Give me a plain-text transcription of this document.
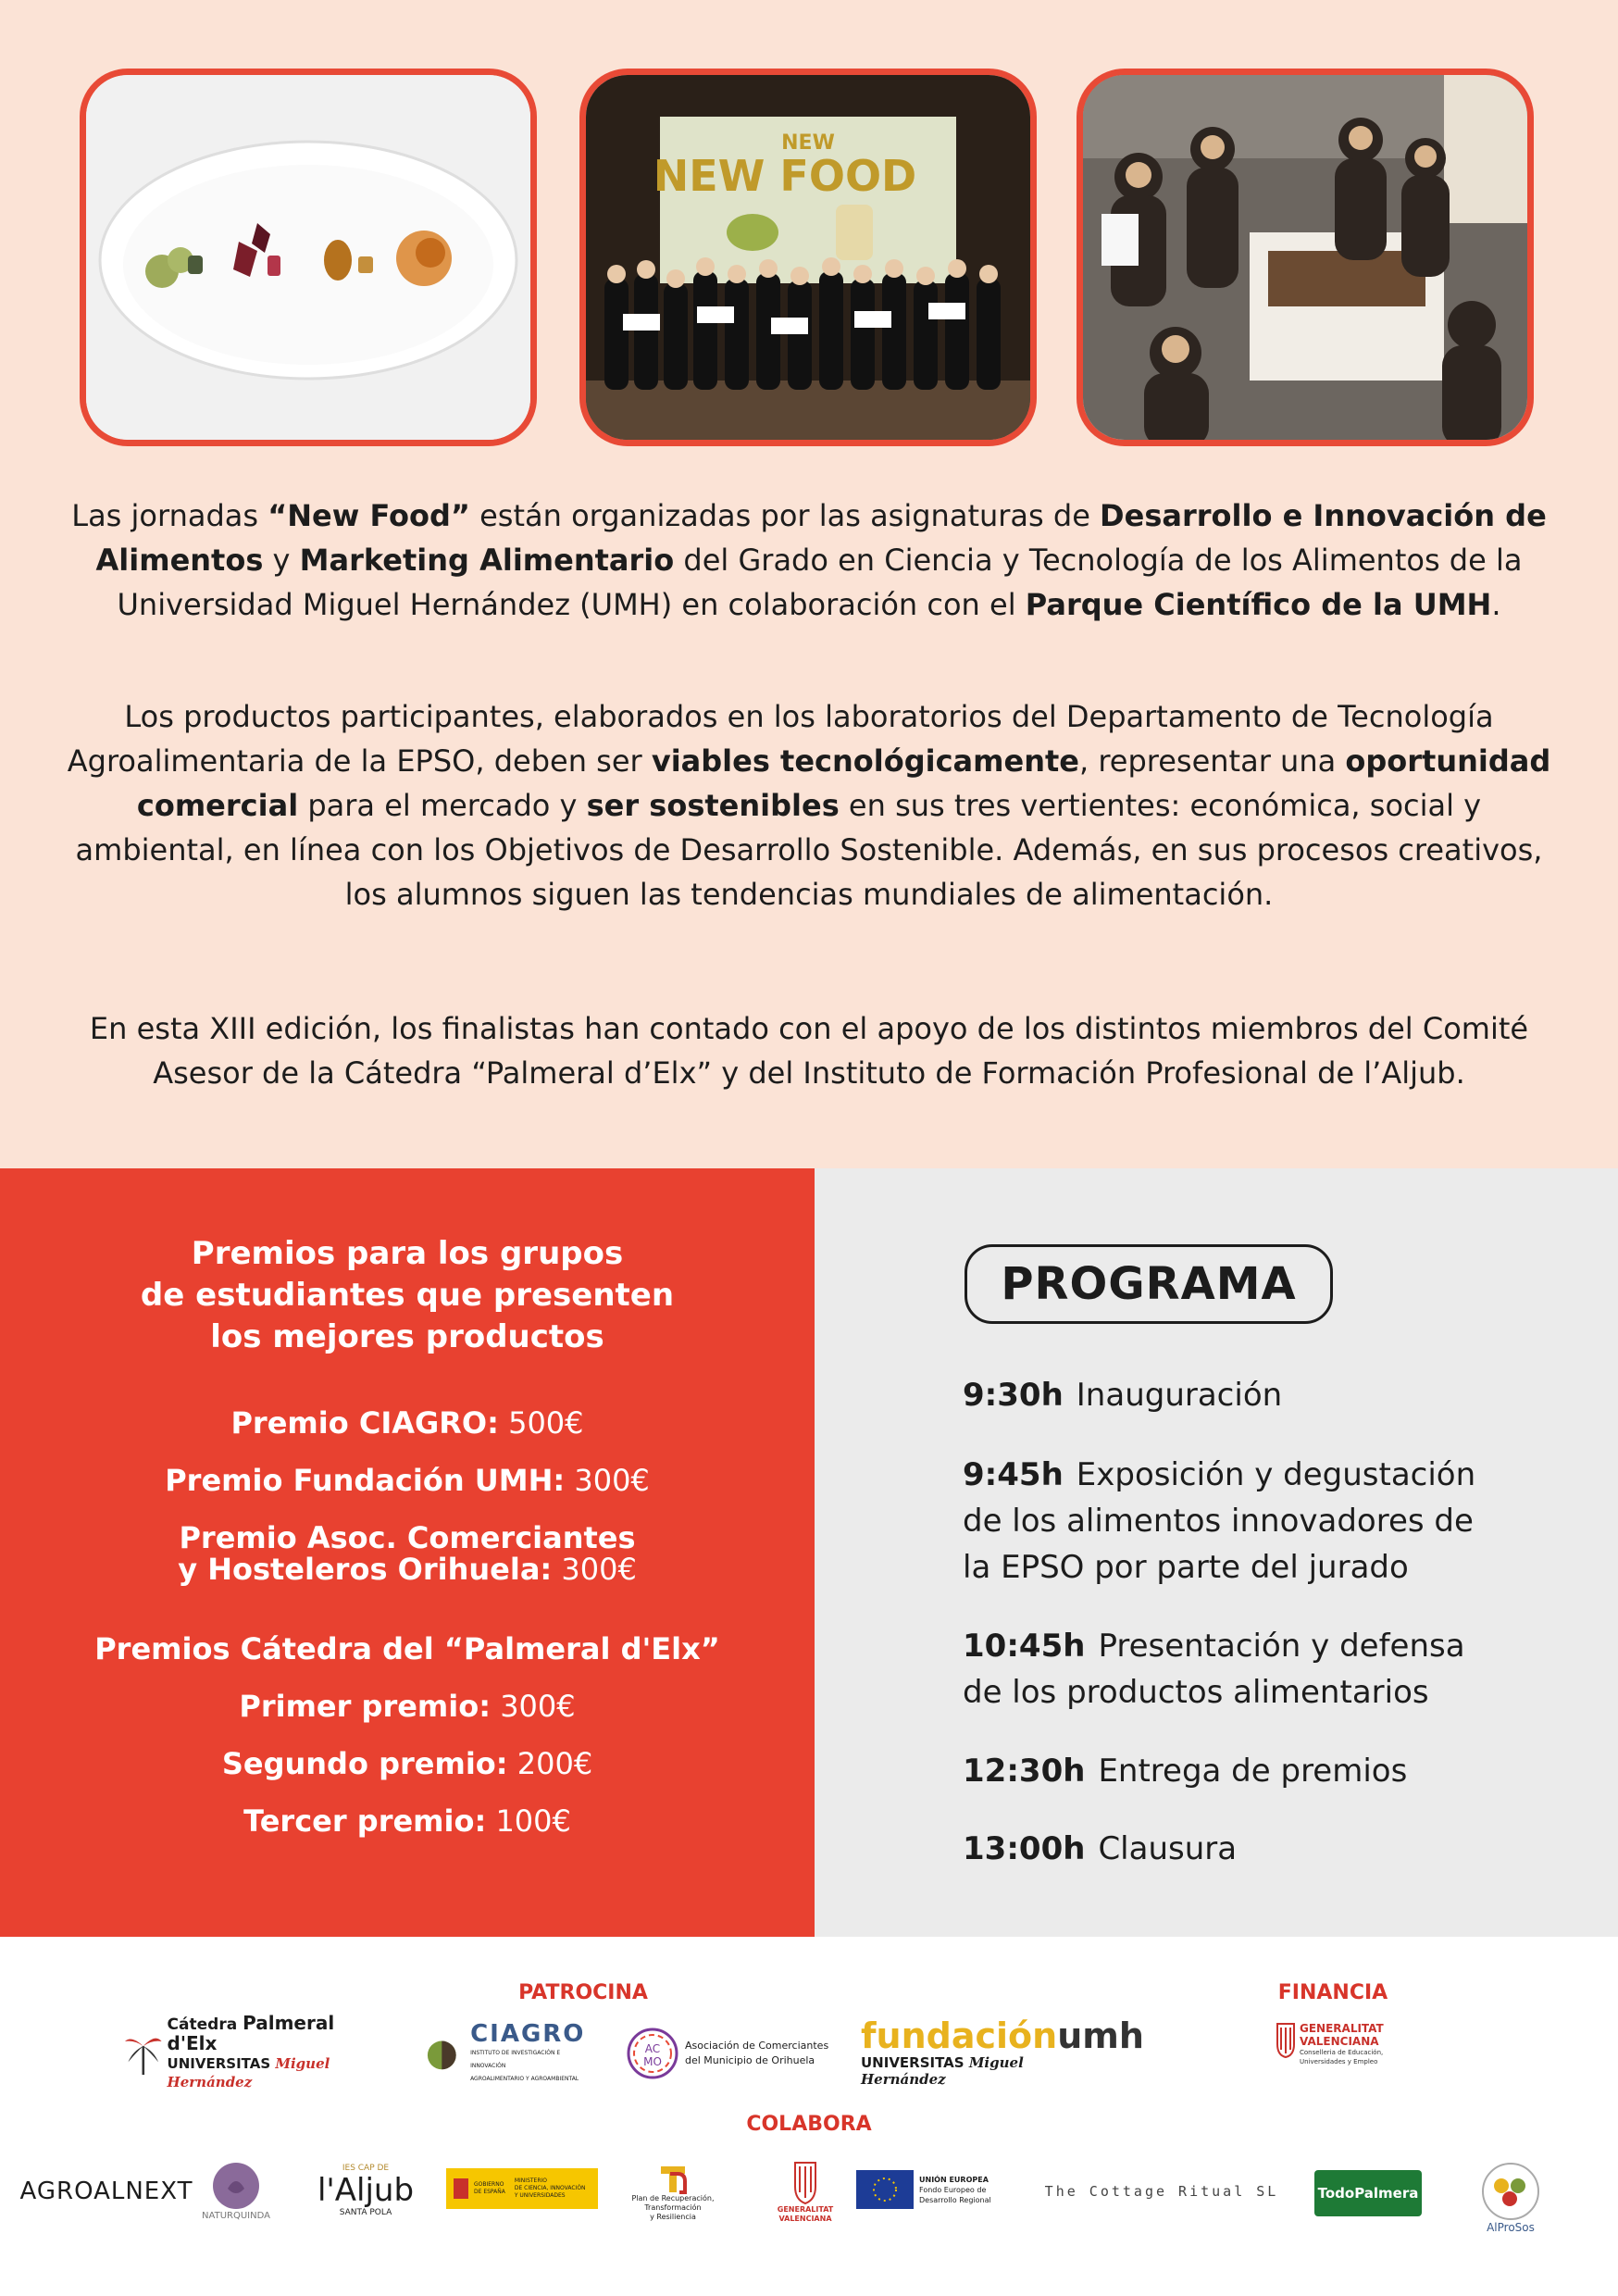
NEW
NEW FOOD

Las jornadas “New Food” están organizadas por las asignaturas de Desarrollo e Innovación de Alimentos y Marketing Alimentario del Grado en Ciencia y Tecnología de los Alimentos de la Universidad Miguel Hernández (UMH) en colaboración con el Parque Científico de la UMH.

Los productos participantes, elaborados en los laboratorios del Departamento de Tecnología Agroalimentaria de la EPSO, deben ser viables tecnológicamente, representar una oportunidad comercial para el mercado y ser sostenibles en sus tres vertientes: económica, social y ambiental, en línea con los Objetivos de Desarrollo Sostenible. Además, en sus procesos creativos, los alumnos siguen las tendencias mundiales de alimentación.

En esta XIII edición, los finalistas han contado con el apoyo de los distintos miembros del Comité Asesor de la Cátedra “Palmeral d’Elx” y del Instituto de Formación Profesional de l’Aljub.

Premios para los grupos
de estudiantes que presenten
los mejores productos
Premio CIAGRO: 500€
Premio Fundación UMH: 300€
Premio Asoc. Comerciantes
y Hosteleros Orihuela: 300€
Premios Cátedra del “Palmeral d'Elx”
Primer premio: 300€
Segundo premio: 200€
Tercer premio: 100€
PROGRAMA
9:30h Inauguración
9:45h Exposición y degustación
de los alimentos innovadores de
la EPSO por parte del jurado
10:45h Presentación y defensa
de los productos alimentarios
12:30h Entrega de premios
13:00h Clausura
PATROCINA	FINANCIA
Cátedra Palmeral d'Elx
UNIVERSITAS Miguel Hernández
CIAGRO
INSTITUTO DE INVESTIGACIÓN E INNOVACIÓN
AGROALIMENTARIO Y AGROAMBIENTAL
AC
MO
Asociación de Comerciantes
del Municipio de Orihuela
fundaciónumh
UNIVERSITAS Miguel Hernández
GENERALITAT
VALENCIANA
Conselleria de Educación,
Universidades y Empleo
COLABORA
AGROALNEXT
NATURQUINDA
IES CAP DE
l'Aljub
SANTA POLA
GOBIERNO
DE ESPAÑA
MINISTERIO
DE CIENCIA, INNOVACIÓN
Y UNIVERSIDADES	Plan de Recuperación,
Transformación
y Resiliencia
GENERALITAT
VALENCIANA
UNIÓN EUROPEA
Fondo Europeo de
Desarrollo Regional	The Cottage Ritual SL	TodoPalmera
AlProSos
